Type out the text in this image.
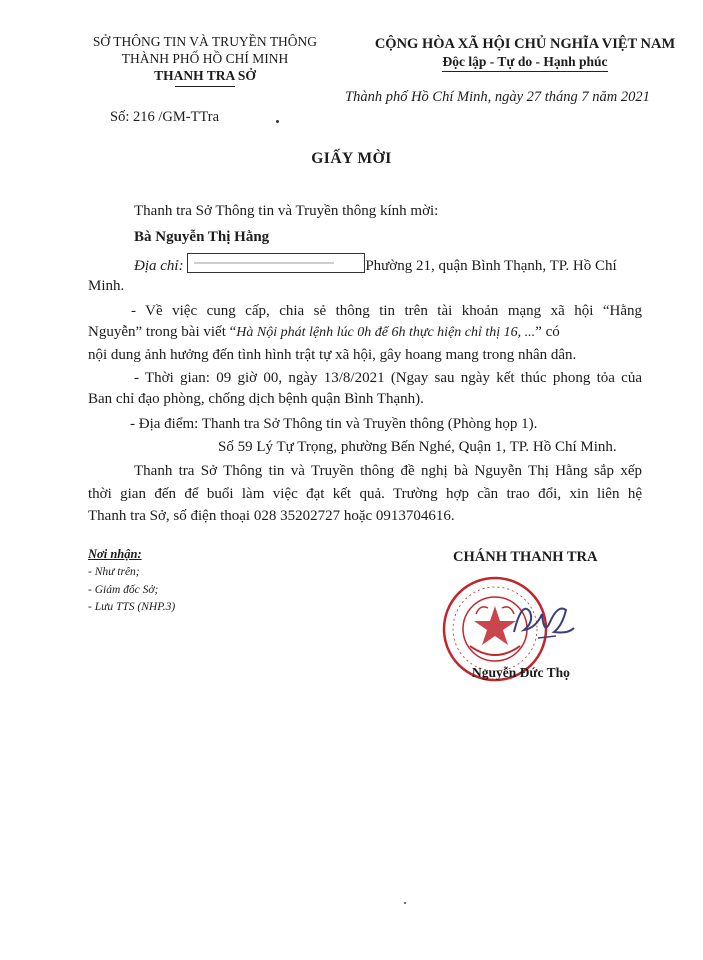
SỞ THÔNG TIN VÀ TRUYỀN THÔNG
THÀNH PHỐ HỒ CHÍ MINH
THANH TRA SỞ
CỘNG HÒA XÃ HỘI CHỦ NGHĨA VIỆT NAM
Độc lập - Tự do - Hạnh phúc
Thành phố Hồ Chí Minh, ngày 27 tháng 7 năm 2021
Số: 216 /GM-TTra
GIẤY MỜI
Thanh tra Sở Thông tin và Truyền thông kính mời:
Bà Nguyễn Thị Hằng
Địa chỉ:	Phường 21, quận Bình Thạnh, TP. Hồ Chí
Minh.
- Về việc cung cấp, chia sẻ thông tin trên tài khoản mạng xã hội “Hằng
Nguyễn” trong bài viết “Hà Nội phát lệnh lúc 0h để 6h thực hiện chỉ thị 16, ...” có
nội dung ảnh hưởng đến tình hình trật tự xã hội, gây hoang mang trong nhân dân.
- Thời gian: 09 giờ 00, ngày 13/8/2021 (Ngay sau ngày kết thúc phong tỏa của
Ban chỉ đạo phòng, chống dịch bệnh quận Bình Thạnh).
- Địa điểm: Thanh tra Sở Thông tin và Truyền thông (Phòng họp 1).
Số 59 Lý Tự Trọng, phường Bến Nghé, Quận 1, TP. Hồ Chí Minh.
Thanh tra Sở Thông tin và Truyền thông đề nghị bà Nguyễn Thị Hằng sắp xếp
thời gian đến để buổi làm việc đạt kết quả. Trường hợp cần trao đổi, xin liên hệ
Thanh tra Sở, số điện thoại 028 35202727 hoặc 0913704616.
Nơi nhận:
- Như trên;
- Giám đốc Sở;
- Lưu TTS (NHP.3)
CHÁNH THANH TRA
Nguyễn Đức Thọ
